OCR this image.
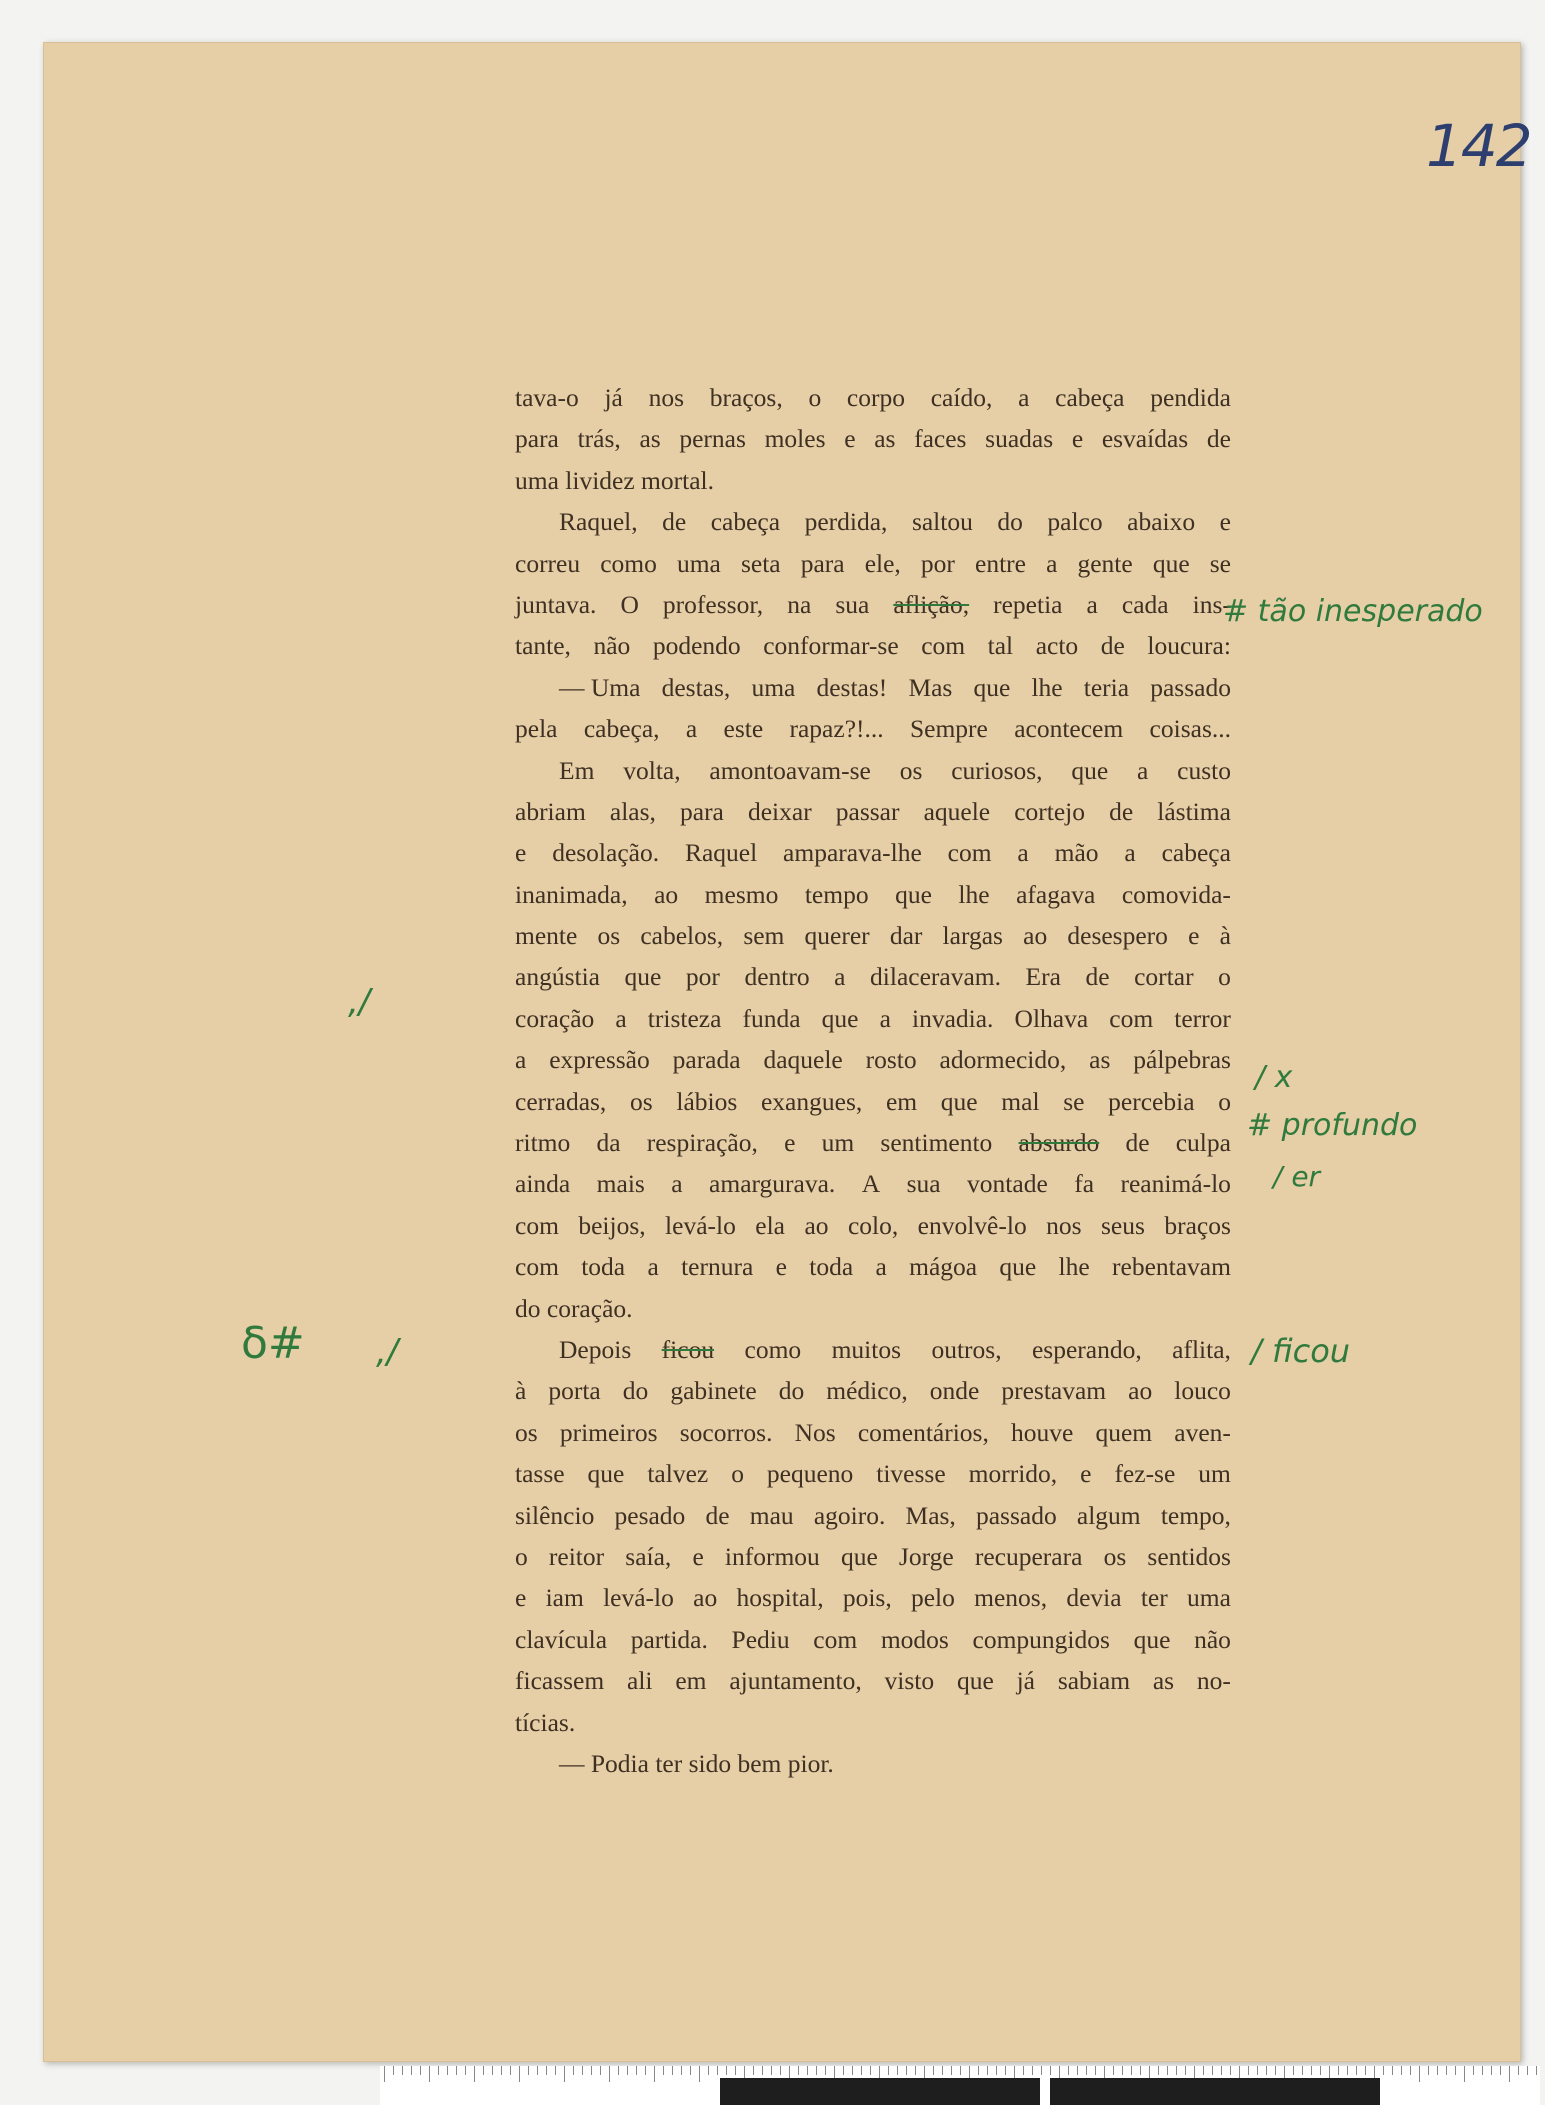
142
tava-o já nos braços, o corpo caído, a cabeça pendida
para trás, as pernas moles e as faces suadas e esvaídas de
uma lividez mortal.
Raquel, de cabeça perdida, saltou do palco abaixo e
correu como uma seta para ele, por entre a gente que se
juntava. O professor, na sua aflição, repetia a cada ins-
tante, não podendo conformar-se com tal acto de loucura:
— Uma destas, uma destas! Mas que lhe teria passado
pela cabeça, a este rapaz?!... Sempre acontecem coisas...
Em volta, amontoavam-se os curiosos, que a custo
abriam alas, para deixar passar aquele cortejo de lástima
e desolação. Raquel amparava-lhe com a mão a cabeça
inanimada, ao mesmo tempo que lhe afagava comovida-
mente os cabelos, sem querer dar largas ao desespero e à
angústia que por dentro a dilaceravam. Era de cortar o
coração a tristeza funda que a invadia. Olhava com terror
a expressão parada daquele rosto adormecido, as pálpebras
cerradas, os lábios exangues, em que mal se percebia o
ritmo da respiração, e um sentimento absurdo de culpa
ainda mais a amargurava. A sua vontade fa reanimá-lo
com beijos, levá-lo ela ao colo, envolvê-lo nos seus braços
com toda a ternura e toda a mágoa que lhe rebentavam
do coração.
Depois ficou como muitos outros, esperando, aflita,
à porta do gabinete do médico, onde prestavam ao louco
os primeiros socorros. Nos comentários, houve quem aven-
tasse que talvez o pequeno tivesse morrido, e fez-se um
silêncio pesado de mau agoiro. Mas, passado algum tempo,
o reitor saía, e informou que Jorge recuperara os sentidos
e iam levá-lo ao hospital, pois, pelo menos, devia ter uma
clavícula partida. Pediu com modos compungidos que não
ficassem ali em ajuntamento, visto que já sabiam as no-
tícias.
— Podia ter sido bem pior.
# tão inesperado
/ x
# profundo
/ er
/ ficou
,/
,/
δ#
